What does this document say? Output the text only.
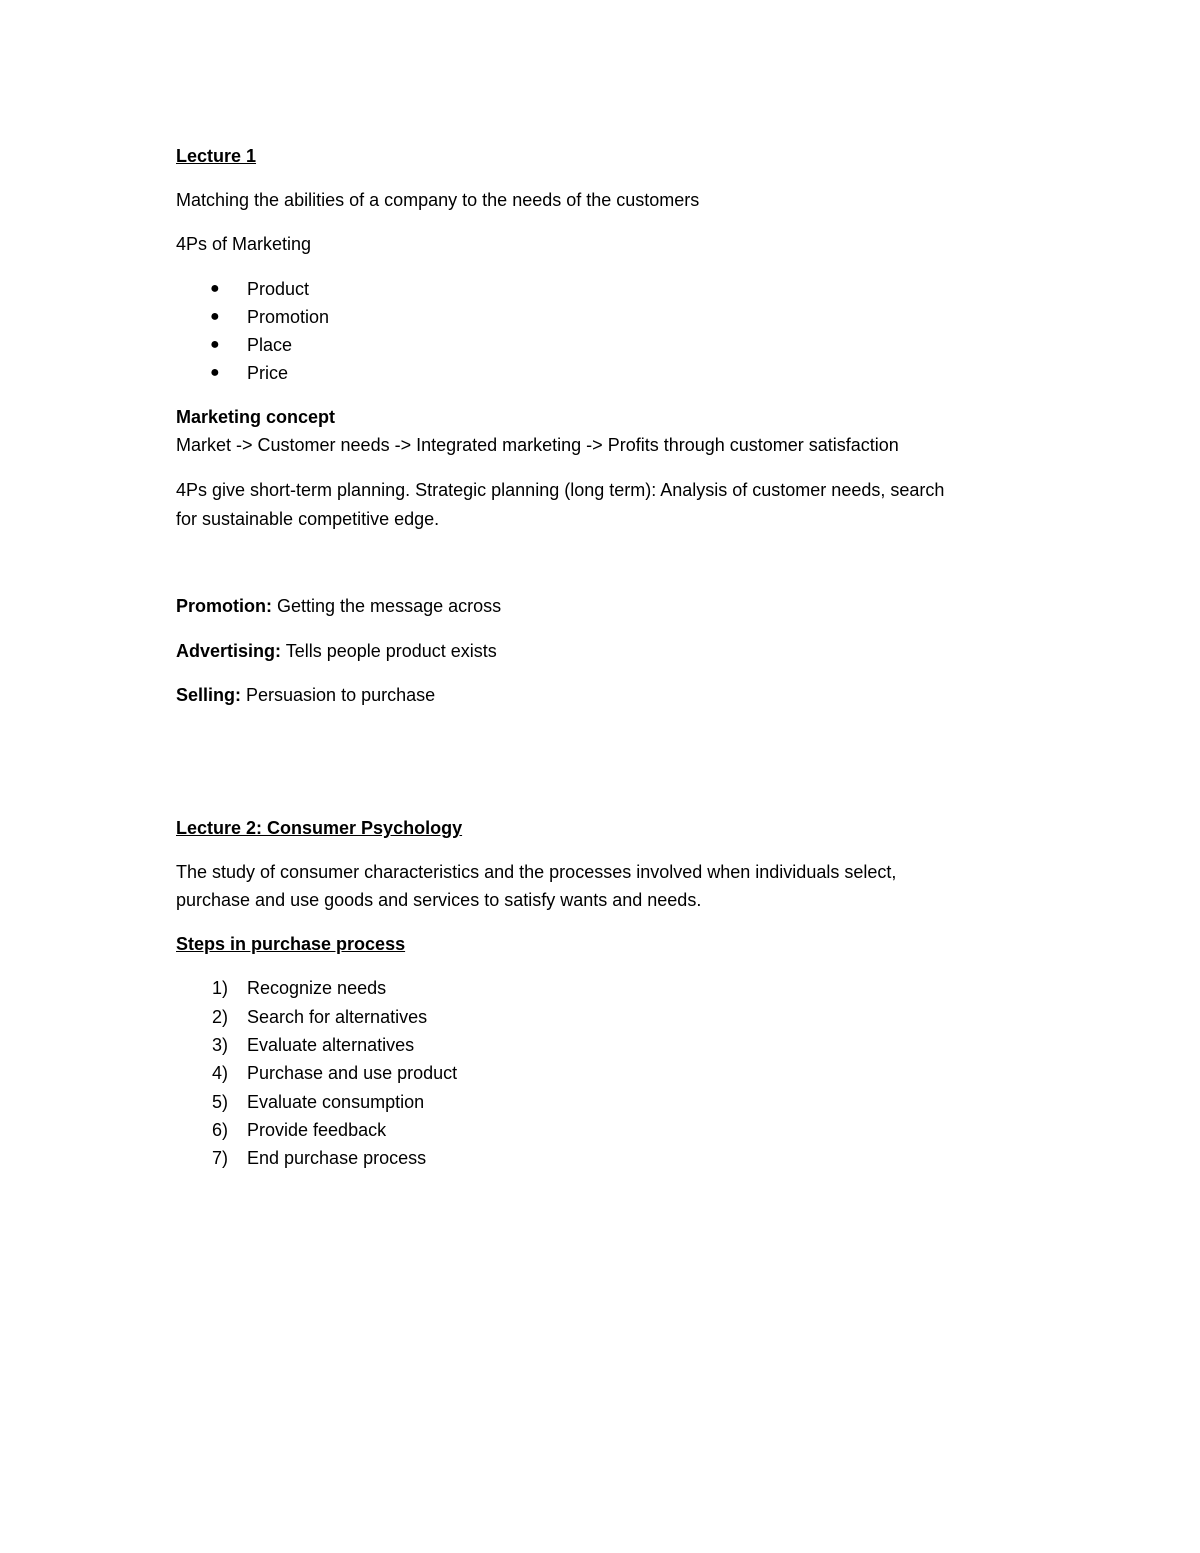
Lecture 1
Matching the abilities of a company to the needs of the customers
4Ps of Marketing
● Product
● Promotion
● Place
● Price
Marketing concept
Market -> Customer needs -> Integrated marketing -> Profits through customer satisfaction
4Ps give short-term planning. Strategic planning (long term): Analysis of customer needs, search
for sustainable competitive edge.
Promotion: Getting the message across
Advertising: Tells people product exists
Selling: Persuasion to purchase
Lecture 2: Consumer Psychology
The study of consumer characteristics and the processes involved when individuals select,
purchase and use goods and services to satisfy wants and needs.
Steps in purchase process
1) Recognize needs
2) Search for alternatives
3) Evaluate alternatives
4) Purchase and use product
5) Evaluate consumption
6) Provide feedback
7) End purchase process
